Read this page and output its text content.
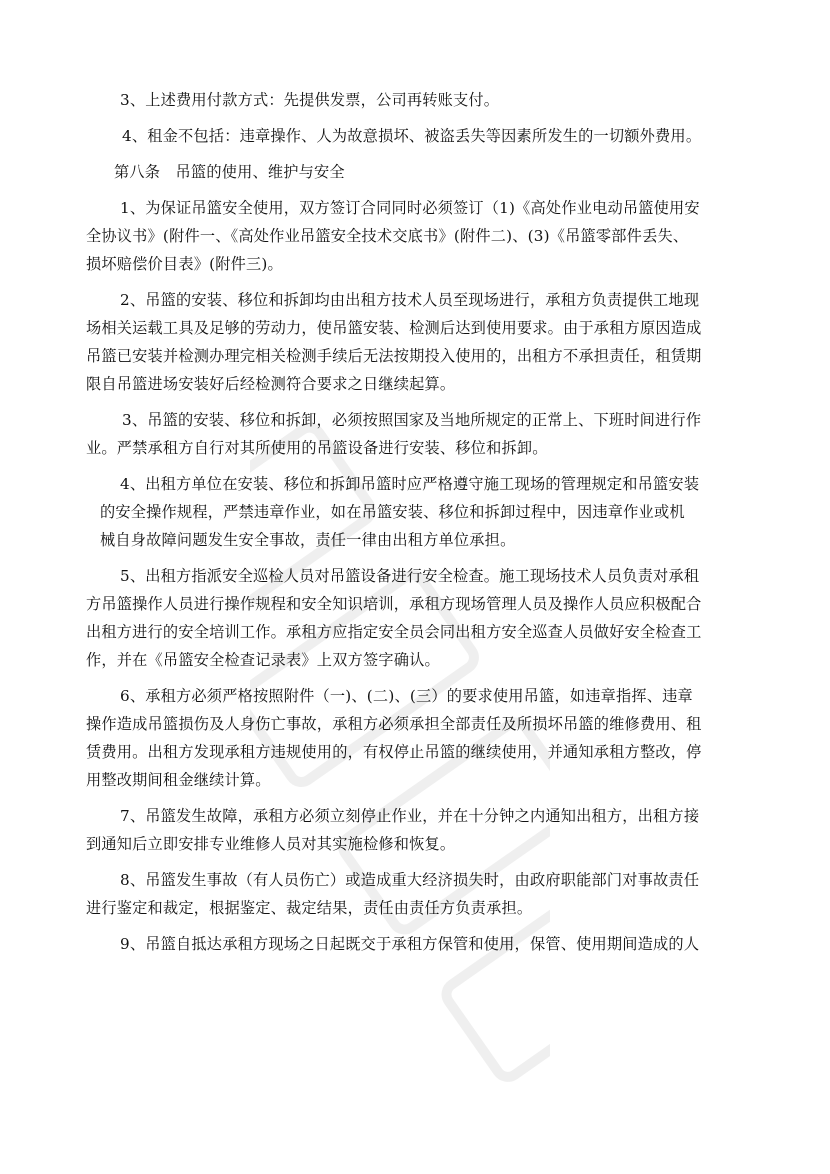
3、上述费用付款方式：先提供发票，公司再转账支付。

4、租金不包括：违章操作、人为故意损坏、被盗丢失等因素所发生的一切额外费用。

第八条　吊篮的使用、维护与安全

1、为保证吊篮安全使用，双方签订合同同时必须签订（1)《高处作业电动吊篮使用安
全协议书》(附件一、《高处作业吊篮安全技术交底书》(附件二)、(3)《吊篮零部件丢失、
损坏赔偿价目表》(附件三)。

2、吊篮的安装、移位和拆卸均由出租方技术人员至现场进行，承租方负责提供工地现
场相关运载工具及足够的劳动力，使吊篮安装、检测后达到使用要求。由于承租方原因造成
吊篮已安装并检测办理完相关检测手续后无法按期投入使用的，出租方不承担责任，租赁期
限自吊篮进场安装好后经检测符合要求之日继续起算。

3、吊篮的安装、移位和拆卸，必须按照国家及当地所规定的正常上、下班时间进行作
业。严禁承租方自行对其所使用的吊篮设备进行安装、移位和拆卸。

4、出租方单位在安装、移位和拆卸吊篮时应严格遵守施工现场的管理规定和吊篮安装
的安全操作规程，严禁违章作业，如在吊篮安装、移位和拆卸过程中，因违章作业或机
械自身故障问题发生安全事故，责任一律由出租方单位承担。

5、出租方指派安全巡检人员对吊篮设备进行安全检查。施工现场技术人员负责对承租
方吊篮操作人员进行操作规程和安全知识培训，承租方现场管理人员及操作人员应积极配合
出租方进行的安全培训工作。承租方应指定安全员会同出租方安全巡查人员做好安全检查工
作，并在《吊篮安全检查记录表》上双方签字确认。

6、承租方必须严格按照附件（一)、(二)、(三）的要求使用吊篮，如违章指挥、违章
操作造成吊篮损伤及人身伤亡事故，承租方必须承担全部责任及所损坏吊篮的维修费用、租
赁费用。出租方发现承租方违规使用的，有权停止吊篮的继续使用，并通知承租方整改，停
用整改期间租金继续计算。

7、吊篮发生故障，承租方必须立刻停止作业，并在十分钟之内通知出租方，出租方接
到通知后立即安排专业维修人员对其实施检修和恢复。

8、吊篮发生事故（有人员伤亡）或造成重大经济损失时，由政府职能部门对事故责任
进行鉴定和裁定，根据鉴定、裁定结果，责任由责任方负责承担。

9、吊篮自抵达承租方现场之日起既交于承租方保管和使用，保管、使用期间造成的人
